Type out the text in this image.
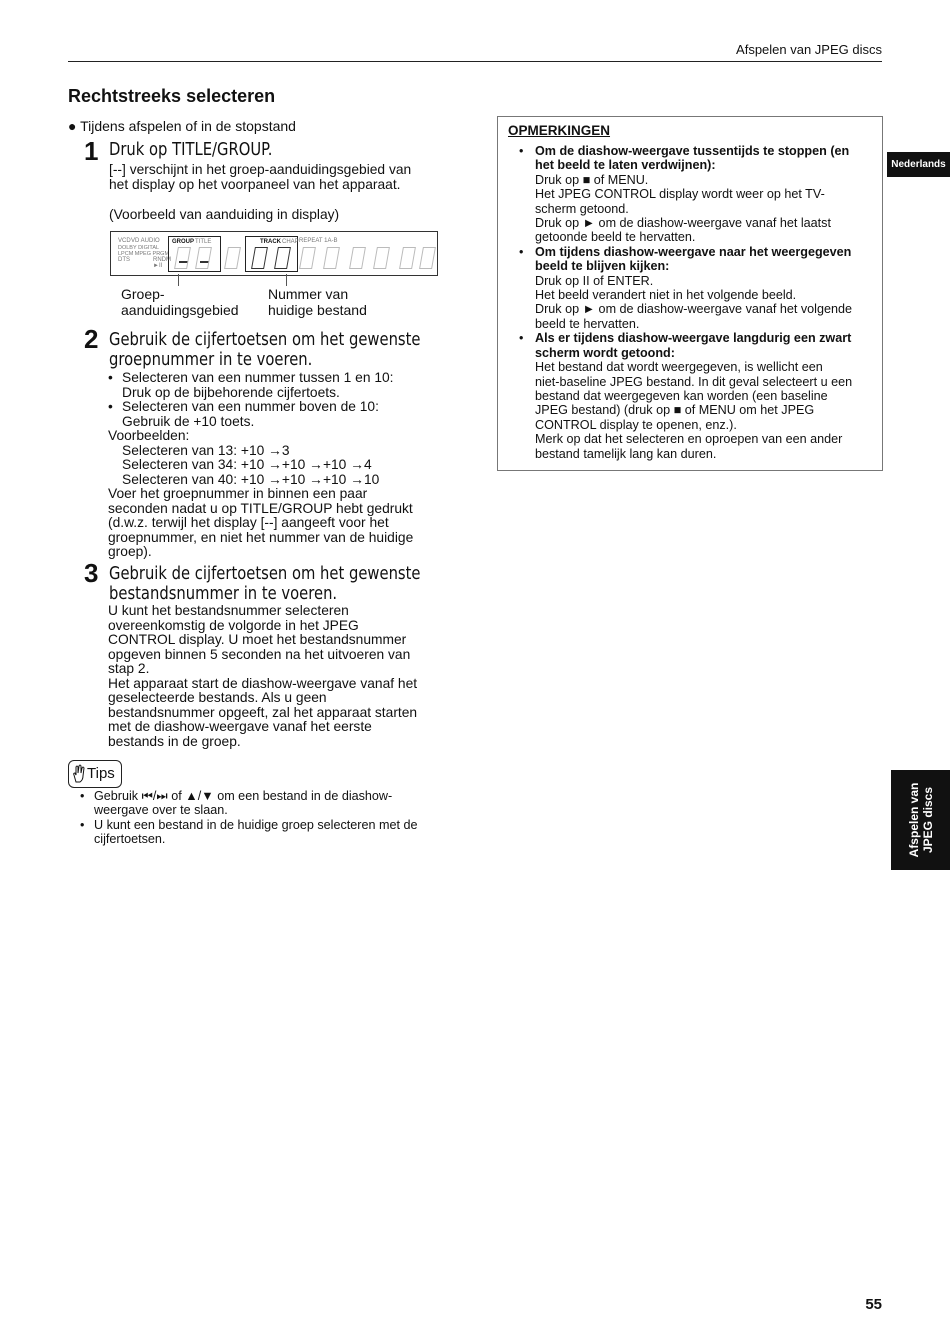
Afspelen van JPEG discs
Rechtstreeks selecteren
● Tijdens afspelen of in de stopstand
1 Druk op TITLE/GROUP.
[--] verschijnt in het groep-aanduidingsgebied van
het display op het voorpaneel van het apparaat.
(Voorbeeld van aanduiding in display)
VCD VD AUDIO
DOLBY DIGITAL
LPCM MPEG PRGM
DTS	RNDM
►II
GROUP TITLE	TRACK CHAP REPEAT 1A-B
Groep-
aanduidingsgebied
Nummer van
huidige bestand
2 Gebruik de cijfertoetsen om het gewenste
groepnummer in te voeren.
• Selecteren van een nummer tussen 1 en 10:
Druk op de bijbehorende cijfertoets.
• Selecteren van een nummer boven de 10:
Gebruik de +10 toets.
Voorbeelden:
Selecteren van 13: +10 →3
Selecteren van 34: +10 →+10 →+10 →4
Selecteren van 40: +10 →+10 →+10 →10
Voer het groepnummer in binnen een paar
seconden nadat u op TITLE/GROUP hebt gedrukt
(d.w.z. terwijl het display [--] aangeeft voor het
groepnummer, en niet het nummer van de huidige
groep).
3 Gebruik de cijfertoetsen om het gewenste
bestandsnummer in te voeren.
U kunt het bestandsnummer selecteren
overeenkomstig de volgorde in het JPEG
CONTROL display. U moet het bestandsnummer
opgeven binnen 5 seconden na het uitvoeren van
stap 2.
Het apparaat start de diashow-weergave vanaf het
geselecteerde bestands. Als u geen
bestandsnummer opgeeft, zal het apparaat starten
met de diashow-weergave vanaf het eerste
bestands in de groep.
Tips
• Gebruik ⏮/⏭ of ▲/▼ om een bestand in de diashow-
weergave over te slaan.
• U kunt een bestand in de huidige groep selecteren met de
cijfertoetsen.
OPMERKINGEN
• Om de diashow-weergave tussentijds te stoppen (en
het beeld te laten verdwijnen):
Druk op ■ of MENU.
Het JPEG CONTROL display wordt weer op het TV-
scherm getoond.
Druk op ► om de diashow-weergave vanaf het laatst
getoonde beeld te hervatten.
• Om tijdens diashow-weergave naar het weergegeven
beeld te blijven kijken:
Druk op II of ENTER.
Het beeld verandert niet in het volgende beeld.
Druk op ► om de diashow-weergave vanaf het volgende
beeld te hervatten.
• Als er tijdens diashow-weergave langdurig een zwart
scherm wordt getoond:
Het bestand dat wordt weergegeven, is wellicht een
niet-baseline JPEG bestand. In dit geval selecteert u een
bestand dat weergegeven kan worden (een baseline
JPEG bestand) (druk op ■ of MENU om het JPEG
CONTROL display te openen, enz.).
Merk op dat het selecteren en oproepen van een ander
bestand tamelijk lang kan duren.
Nederlands
Afspelen van JPEG discs
55
